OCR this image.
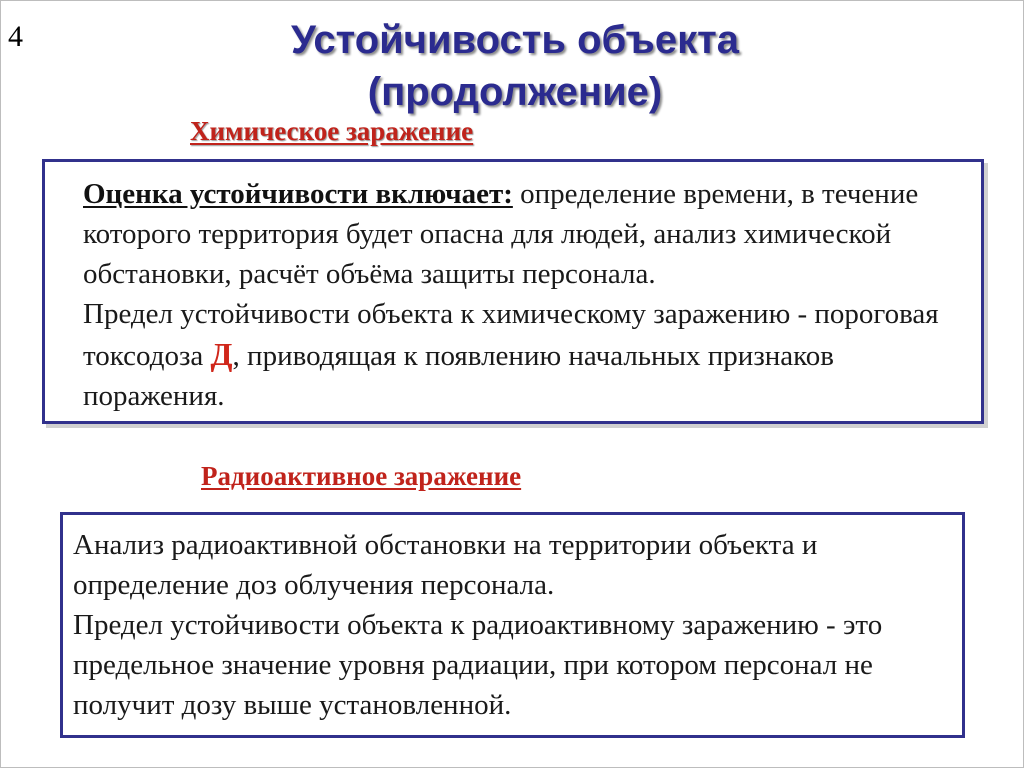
4	Устойчивость объекта
(продолжение)
Химическое заражение

Оценка устойчивости включает: определение времени, в течение которого территория будет опасна для людей, анализ химической обстановки, расчёт объёма защиты персонала.

Предел устойчивости объекта к химическому заражению - пороговая токсодоза Д, приводящая к появлению начальных признаков поражения.

Радиоактивное заражение

Анализ радиоактивной обстановки на территории объекта и определение доз облучения персонала.

Предел устойчивости объекта к радиоактивному заражению - это предельное значение уровня радиации, при котором персонал не получит дозу выше установленной.
